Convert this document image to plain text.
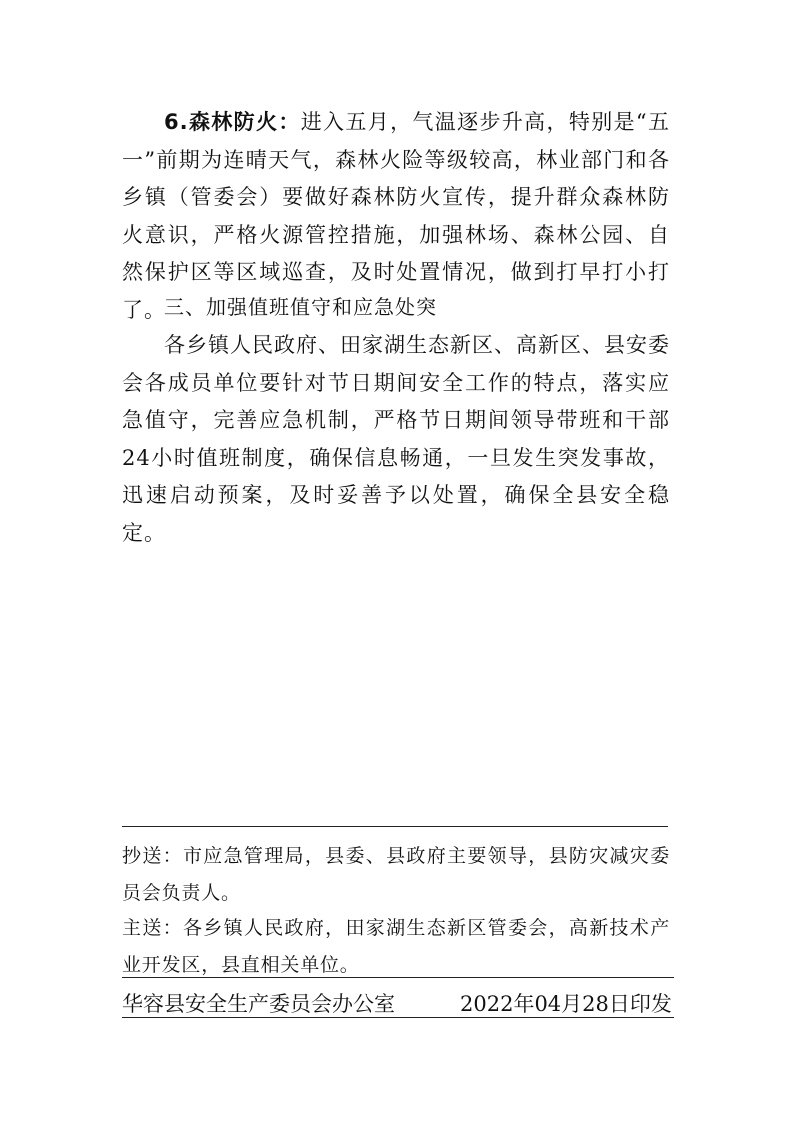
6.森林防火：进入五月，气温逐步升高，特别是“五一”前期为连晴天气，森林火险等级较高，林业部门和各乡镇（管委会）要做好森林防火宣传，提升群众森林防火意识，严格火源管控措施，加强林场、森林公园、自然保护区等区域巡查，及时处置情况，做到打早打小打了。

三、加强值班值守和应急处突

各乡镇人民政府、田家湖生态新区、高新区、县安委会各成员单位要针对节日期间安全工作的特点，落实应急值守，完善应急机制，严格节日期间领导带班和干部24小时值班制度，确保信息畅通，一旦发生突发事故，迅速启动预案，及时妥善予以处置，确保全县安全稳定。

抄送：市应急管理局，县委、县政府主要领导，县防灾减灾委员会负责人。

主送：各乡镇人民政府，田家湖生态新区管委会，高新技术产业开发区，县直相关单位。

华容县安全生产委员会办公室	2022年04月28日印发
